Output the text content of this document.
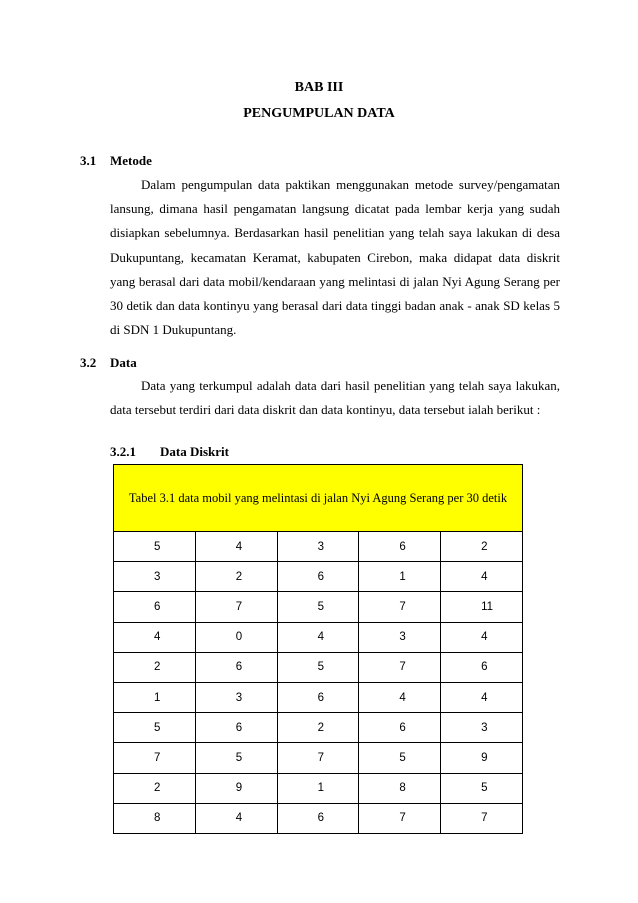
BAB III
PENGUMPULAN DATA
3.1 Metode

Dalam pengumpulan data paktikan menggunakan metode survey/pengamatan lansung, dimana hasil pengamatan langsung dicatat pada lembar kerja yang sudah disiapkan sebelumnya. Berdasarkan hasil penelitian yang telah saya lakukan di desa Dukupuntang, kecamatan Keramat, kabupaten Cirebon, maka didapat data diskrit yang berasal dari data mobil/kendaraan yang melintasi di jalan Nyi Agung Serang per 30 detik dan data kontinyu yang berasal dari data tinggi badan anak - anak SD kelas 5 di SDN 1 Dukupuntang.

3.2 Data

Data yang terkumpul adalah data dari hasil penelitian yang telah saya lakukan, data tersebut terdiri dari data diskrit dan data kontinyu, data tersebut ialah berikut :

3.2.1 Data Diskrit
Tabel 3.1 data mobil yang melintasi di jalan Nyi Agung Serang per 30 detik
5	4	3	6	2
3	2	6	1	4
6	7	5	7	11
4	0	4	3	4
2	6	5	7	6
1	3	6	4	4
5	6	2	6	3
7	5	7	5	9
2	9	1	8	5
8	4	6	7	7
